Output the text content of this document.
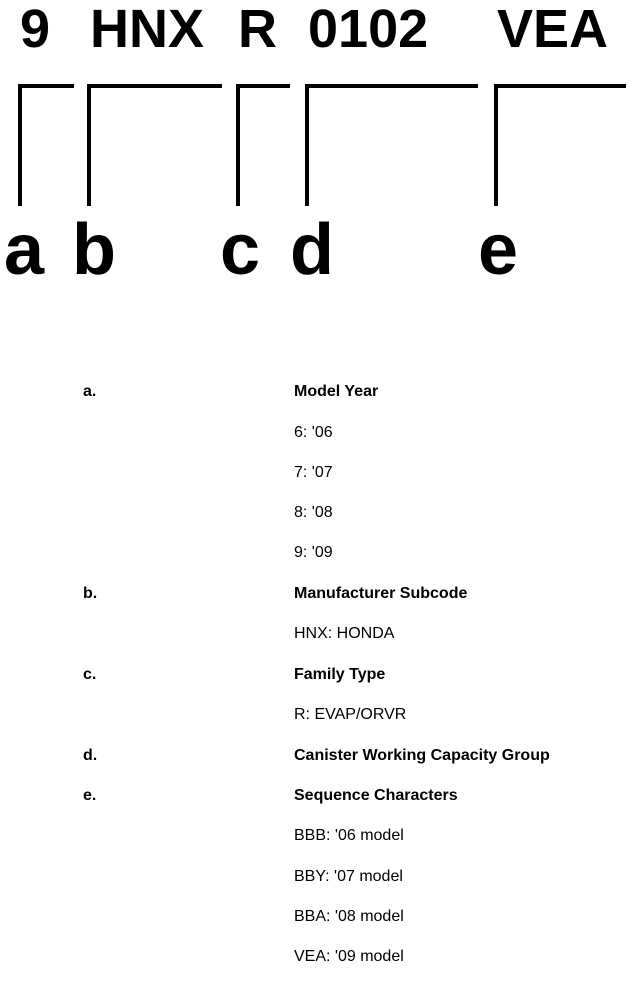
9 HNX R 0102 VEA
a b c d e
a.	Model Year
6: '06
7: '07
8: '08
9: '09
b.	Manufacturer Subcode
HNX: HONDA
c.	Family Type
R: EVAP/ORVR
d.	Canister Working Capacity Group
e.	Sequence Characters
BBB: '06 model
BBY: '07 model
BBA: '08 model
VEA: '09 model
